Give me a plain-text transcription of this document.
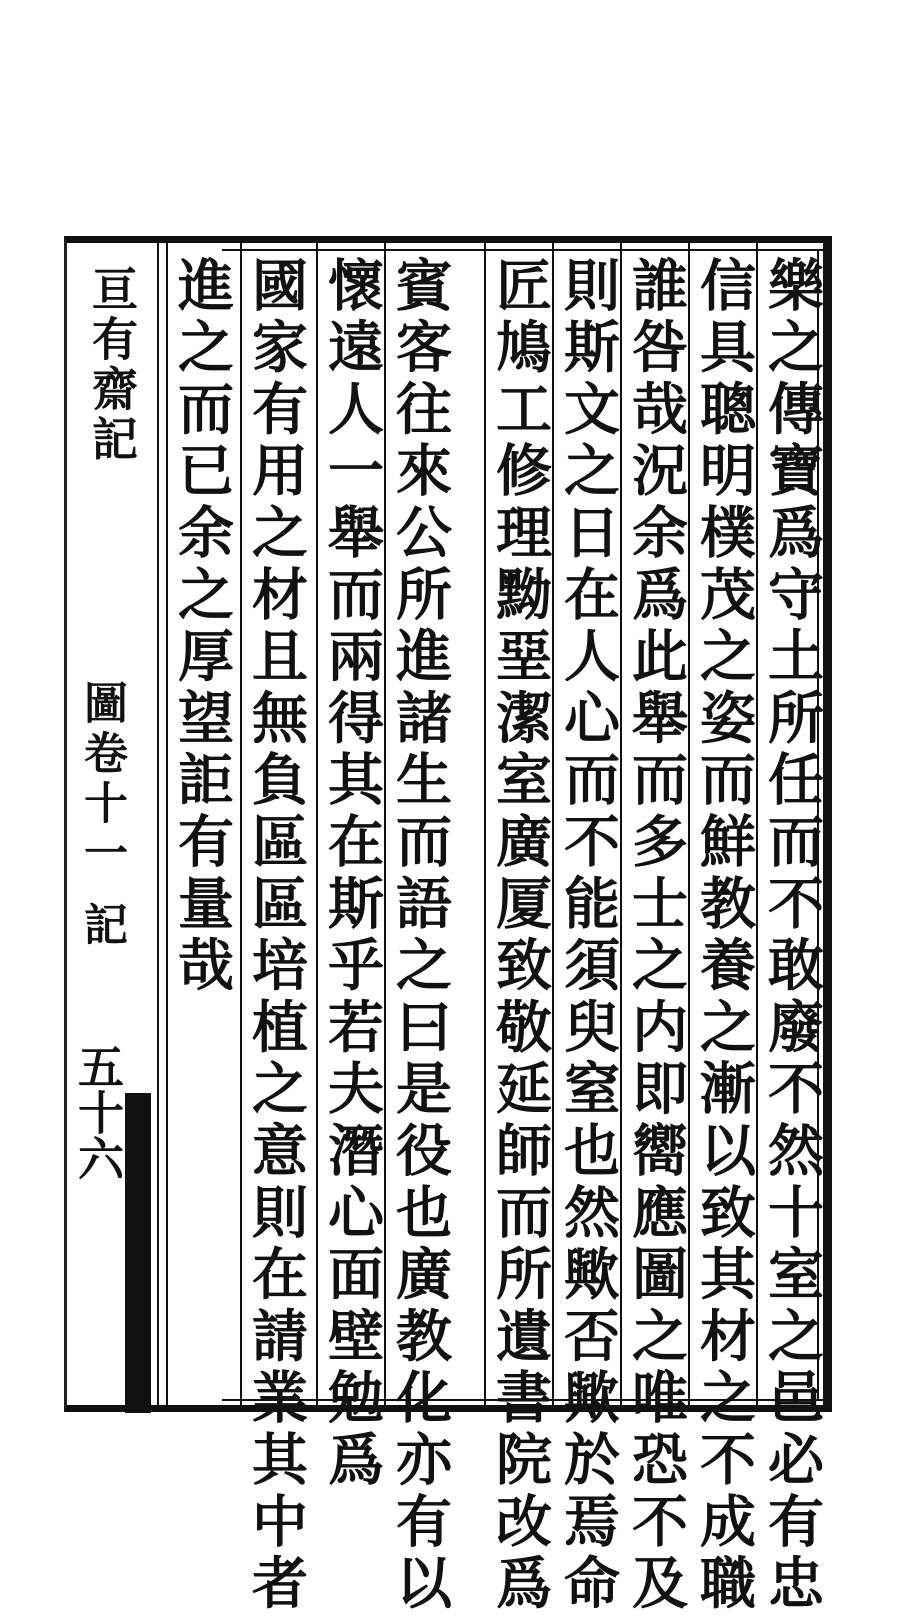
亘有齋記
五十六
圖卷十一 記	樂之傳寶爲守土所任而不敢廢不然十室之邑必有忠
信具聰明樸茂之姿而鮮教養之漸以致其材之不成職
誰咎哉況余爲此舉而多士之内即嚮應圖之唯恐不及
則斯文之日在人心而不能須臾窒也然歟否歟於焉命
匠鳩工修理黝堊潔室廣厦致敬延師而所遺書院改爲
賓客往來公所進諸生而語之曰是役也廣教化亦有以
懷遠人一舉而兩得其在斯乎若夫潛心面壁勉爲
國家有用之材且無負區區培植之意則在請業其中者
進之而已余之厚望詎有量哉
